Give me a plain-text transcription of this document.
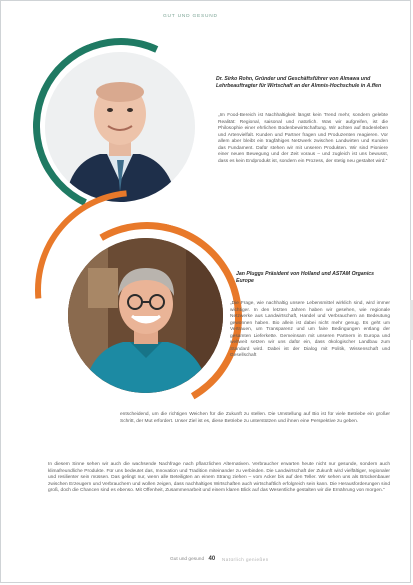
GUT UND GESUND
Dr. Sirko Rohn, Gründer und Geschäftsführer von Almawa und Lehrbeauftragter für Wirtschaft an der Almnis-Hochschule in A.ffen
„Im Food-Bereich ist Nachhaltigkeit längst kein Trend mehr, sondern gelebte Realität: Regional, saisonal und natürlich. Was wir aufgreifen, ist die Philosophie einer ehrlichen Bodenbewirtschaftung. Wir achten auf Bodenleben und Artenvielfalt. Kunden und Partner fragen und Produzenten reagieren. Vor allem aber bleibt ein tragfähiges Netzwerk zwischen Landwirten und Kunden das Fundament. Dafür stehen wir mit unseren Produkten. Wir sind Pioniere einer neuen Bewegung und der Zeit voraus – und zugleich ist uns bewusst, dass es kein Endprodukt ist, sondern ein Prozess, der stetig neu gestaltet wird.“
Jan Pluggs Präsident von Holland und ASTAM Organics Europe
„Die Frage, wie nachhaltig unsere Lebensmittel wirklich sind, wird immer wichtiger. In den letzten Jahren haben wir gesehen, wie regionale Netzwerke aus Landwirtschaft, Handel und Verbrauchern an Bedeutung gewonnen haben. Bio allein ist dabei nicht mehr genug. Es geht um Vertrauen, um Transparenz und um faire Bedingungen entlang der gesamten Lieferkette. Gemeinsam mit unseren Partnern in Europa und weltweit setzen wir uns dafür ein, dass ökologischer Landbau zum Standard wird. Dabei ist der Dialog mit Politik, Wissenschaft und Gesellschaft
entscheidend, um die richtigen Weichen für die Zukunft zu stellen. Die Umstellung auf Bio ist für viele Betriebe ein großer Schritt, der Mut erfordert. Unser Ziel ist es, diese Betriebe zu unterstützen und ihnen eine Perspektive zu geben.
In diesem Sinne sehen wir auch die wachsende Nachfrage nach pflanzlichen Alternativen. Verbraucher erwarten heute nicht nur gesunde, sondern auch klimafreundliche Produkte. Für uns bedeutet das, Innovation und Tradition miteinander zu verbinden. Die Landwirtschaft der Zukunft wird vielfältiger, regionaler und resilienter sein müssen. Das gelingt nur, wenn alle Beteiligten an einem Strang ziehen – vom Acker bis auf den Teller. Wir sehen uns als Brückenbauer zwischen Erzeugern und Verbrauchern und wollen zeigen, dass nachhaltiges Wirtschaften auch wirtschaftlich erfolgreich sein kann. Die Herausforderungen sind groß, doch die Chancen sind es ebenso. Mit Offenheit, Zusammenarbeit und einem klaren Blick auf das Wesentliche gestalten wir die Ernährung von morgen.“
Gut und gesund 40	Natürlich genießen
